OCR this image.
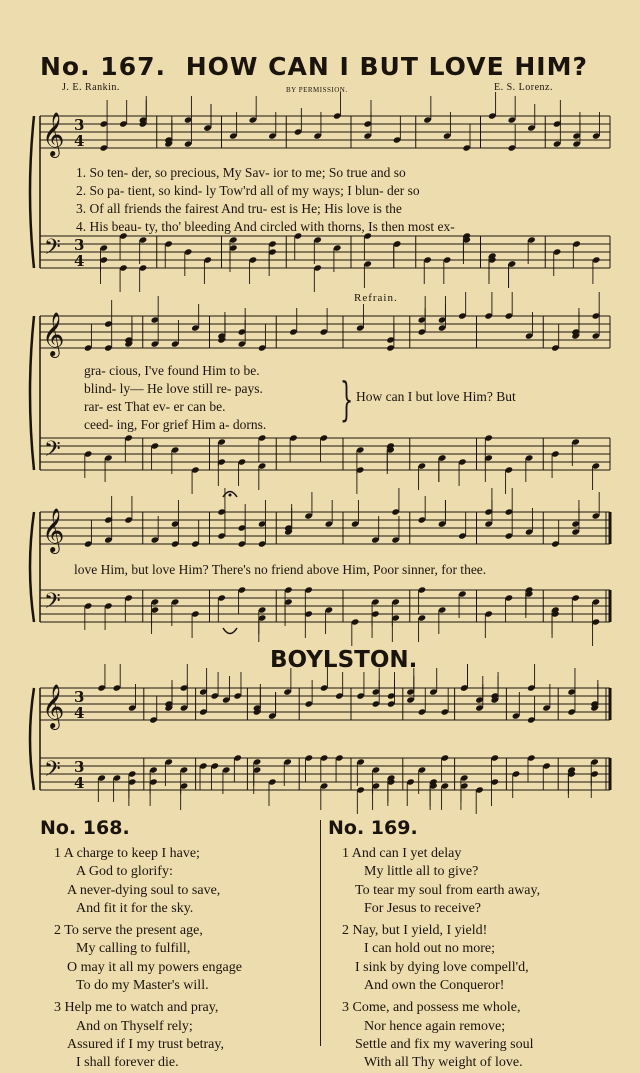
𝄞
𝄢
3
3
4
4
𝄞
𝄢
𝄞
𝄢
𝄞
𝄢
3
3
4
4
No. 167. HOW CAN I BUT LOVE HIM?
J. E. Rankin.	BY PERMISSION.	E. S. Lorenz.
1. So ten- der, so precious, My Sav- ior to me; So true and so
2. So pa- tient, so kind- ly Tow'rd all of my ways; I blun- der so
3. Of all friends the fairest And tru- est is He; His love is the
4. His beau- ty, tho' bleeding And circled with thorns, Is then most ex-
Refrain.
gra- cious, I've found Him to be.
blind- ly— He love still re- pays.
rar- est That ev- er can be.
ceed- ing, For grief Him a- dorns. } How can I but love Him? But
love Him, but love Him? There's no friend above Him, Poor sinner, for thee.
BOYLSTON.
No. 168.
1 A charge to keep I have;
A God to glorify:
A never-dying soul to save,
And fit it for the sky.
2 To serve the present age,
My calling to fulfill,
O may it all my powers engage
To do my Master's will.
3 Help me to watch and pray,
And on Thyself rely;
Assured if I my trust betray,
I shall forever die.
No. 169.
1 And can I yet delay
My little all to give?
To tear my soul from earth away,
For Jesus to receive?
2 Nay, but I yield, I yield!
I can hold out no more;
I sink by dying love compell'd,
And own the Conqueror!
3 Come, and possess me whole,
Nor hence again remove;
Settle and fix my wavering soul
With all Thy weight of love.
